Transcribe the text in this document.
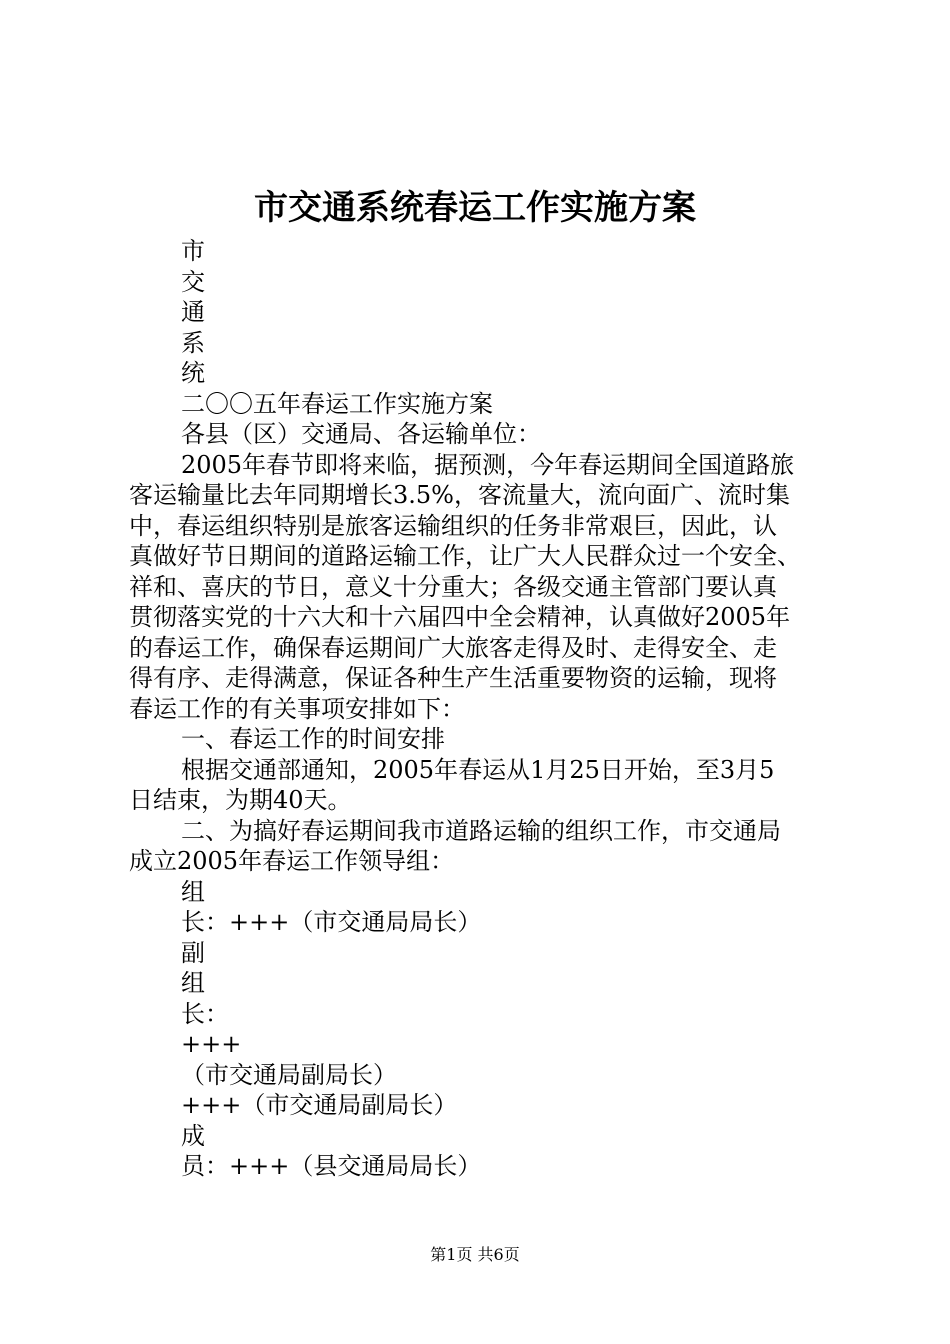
市交通系统春运工作实施方案
市
交
通
系
统
二〇〇五年春运工作实施方案
各县（区）交通局、各运输单位：
2005年春节即将来临，据预测，今年春运期间全国道路旅
客运输量比去年同期增长3.5%，客流量大，流向面广、流时集
中，春运组织特别是旅客运输组织的任务非常艰巨，因此，认
真做好节日期间的道路运输工作，让广大人民群众过一个安全、
祥和、喜庆的节日，意义十分重大；各级交通主管部门要认真
贯彻落实党的十六大和十六届四中全会精神，认真做好2005年
的春运工作，确保春运期间广大旅客走得及时、走得安全、走
得有序、走得满意，保证各种生产生活重要物资的运输，现将
春运工作的有关事项安排如下：
一、春运工作的时间安排
根据交通部通知，2005年春运从1月25日开始，至3月5
日结束，为期40天。
二、为搞好春运期间我市道路运输的组织工作，市交通局
成立2005年春运工作领导组：
组
长：+++（市交通局局长）
副
组
长：
+++
（市交通局副局长）
+++（市交通局副局长）
成
员：+++（县交通局局长）
第1页 共6页
